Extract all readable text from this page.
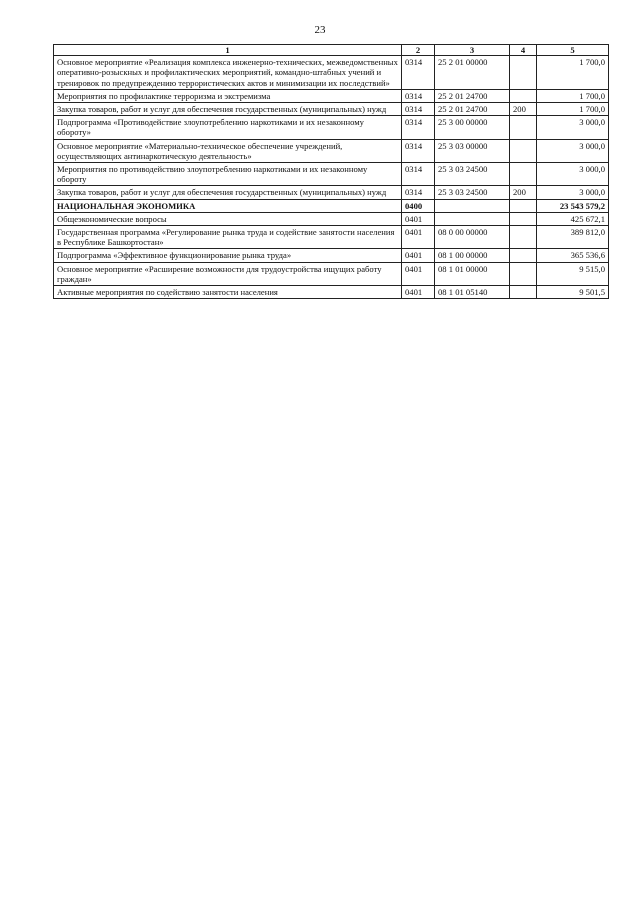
23
1	2	3	4	5
Основное мероприятие «Реализация комплекса инженерно-технических, межведомственных оперативно-розыскных и профилактических мероприятий, командно-штабных учений и тренировок по предупреждению террористических актов и минимизации их последствий»	0314	25 2 01 00000		1 700,0
Мероприятия по профилактике терроризма и экстремизма	0314	25 2 01 24700		1 700,0
Закупка товаров, работ и услуг для обеспечения государственных (муниципальных) нужд	0314	25 2 01 24700	200	1 700,0
Подпрограмма «Противодействие злоупотреблению наркотиками и их незаконному обороту»	0314	25 3 00 00000		3 000,0
Основное мероприятие «Материально-техническое обеспечение учреждений, осуществляющих антинаркотическую деятельность»	0314	25 3 03 00000		3 000,0
Мероприятия по противодействию злоупотреблению наркотиками и их незаконному обороту	0314	25 3 03 24500		3 000,0
Закупка товаров, работ и услуг для обеспечения государственных (муниципальных) нужд	0314	25 3 03 24500	200	3 000,0
НАЦИОНАЛЬНАЯ ЭКОНОМИКА	0400			23 543 579,2
Общеэкономические вопросы	0401			425 672,1
Государственная программа «Регулирование рынка труда и содействие занятости населения в Республике Башкортостан»	0401	08 0 00 00000		389 812,0
Подпрограмма «Эффективное функционирование рынка труда»	0401	08 1 00 00000		365 536,6
Основное мероприятие «Расширение возможности для трудоустройства ищущих работу граждан»	0401	08 1 01 00000		9 515,0
Активные мероприятия по содействию занятости населения	0401	08 1 01 05140		9 501,5
